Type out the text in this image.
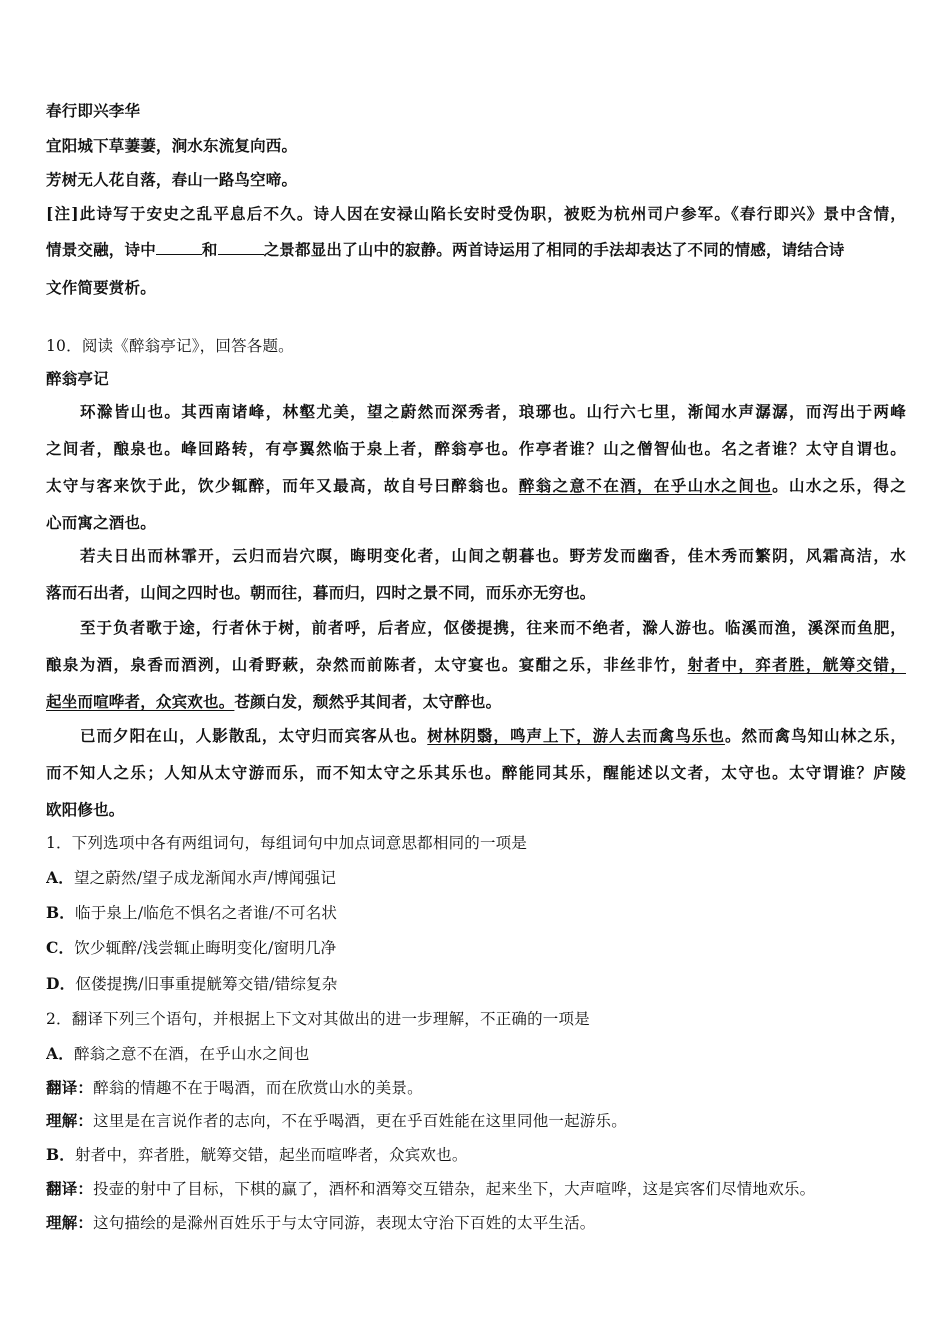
春行即兴李华
宜阳城下草萋萋，涧水东流复向西。
芳树无人花自落，春山一路鸟空啼。
[注]此诗写于安史之乱平息后不久。诗人因在安禄山陷长安时受伪职，被贬为杭州司户参军。《春行即兴》景中含情，
情景交融，诗中	和	之景都显出了山中的寂静。两首诗运用了相同的手法却表达了不同的情感，请结合诗
文作简要赏析。
10．阅读《醉翁亭记》，回答各题。
醉翁亭记
环滁皆山也。其西南诸峰，林壑尤美，望之蔚然而深秀者，琅琊也。山行六七里，渐闻水声潺潺，而泻出于两峰
之间者，酿泉也。峰回路转，有亭翼然临于泉上者，醉翁亭也。作亭者谁？山之僧智仙也。名之者谁？太守自谓也。
太守与客来饮于此，饮少辄醉，而年又最高，故自号曰醉翁也。醉翁之意不在酒，在乎山水之间也。山水之乐，得之
心而寓之酒也。
若夫日出而林霏开，云归而岩穴暝，晦明变化者，山间之朝暮也。野芳发而幽香，佳木秀而繁阴，风霜高洁，水
落而石出者，山间之四时也。朝而往，暮而归，四时之景不同，而乐亦无穷也。
至于负者歌于途，行者休于树，前者呼，后者应，伛偻提携，往来而不绝者，滁人游也。临溪而渔，溪深而鱼肥，
酿泉为酒，泉香而酒洌，山肴野蔌，杂然而前陈者，太守宴也。宴酣之乐，非丝非竹，射者中，弈者胜，觥筹交错，
起坐而喧哗者，众宾欢也。苍颜白发，颓然乎其间者，太守醉也。
已而夕阳在山，人影散乱，太守归而宾客从也。树林阴翳，鸣声上下，游人去而禽鸟乐也。然而禽鸟知山林之乐，
而不知人之乐；人知从太守游而乐，而不知太守之乐其乐也。醉能同其乐，醒能述以文者，太守也。太守谓谁？庐陵
欧阳修也。
1．下列选项中各有两组词句，每组词句中加点词意思都相同的一项是
A．望之蔚然/望子成龙渐闻水声/博闻强记
B．临于泉上/临危不惧名之者谁/不可名状
C．饮少辄醉/浅尝辄止晦明变化/窗明几净
D．伛偻提携/旧事重提觥筹交错/错综复杂
2．翻译下列三个语句，并根据上下文对其做出的进一步理解，不正确的一项是
A．醉翁之意不在酒，在乎山水之间也
翻译：醉翁的情趣不在于喝酒，而在欣赏山水的美景。
理解：这里是在言说作者的志向，不在乎喝酒，更在乎百姓能在这里同他一起游乐。
B．射者中，弈者胜，觥筹交错，起坐而喧哗者，众宾欢也。
翻译：投壶的射中了目标，下棋的赢了，酒杯和酒筹交互错杂，起来坐下，大声喧哗，这是宾客们尽情地欢乐。
理解：这句描绘的是滁州百姓乐于与太守同游，表现太守治下百姓的太平生活。
